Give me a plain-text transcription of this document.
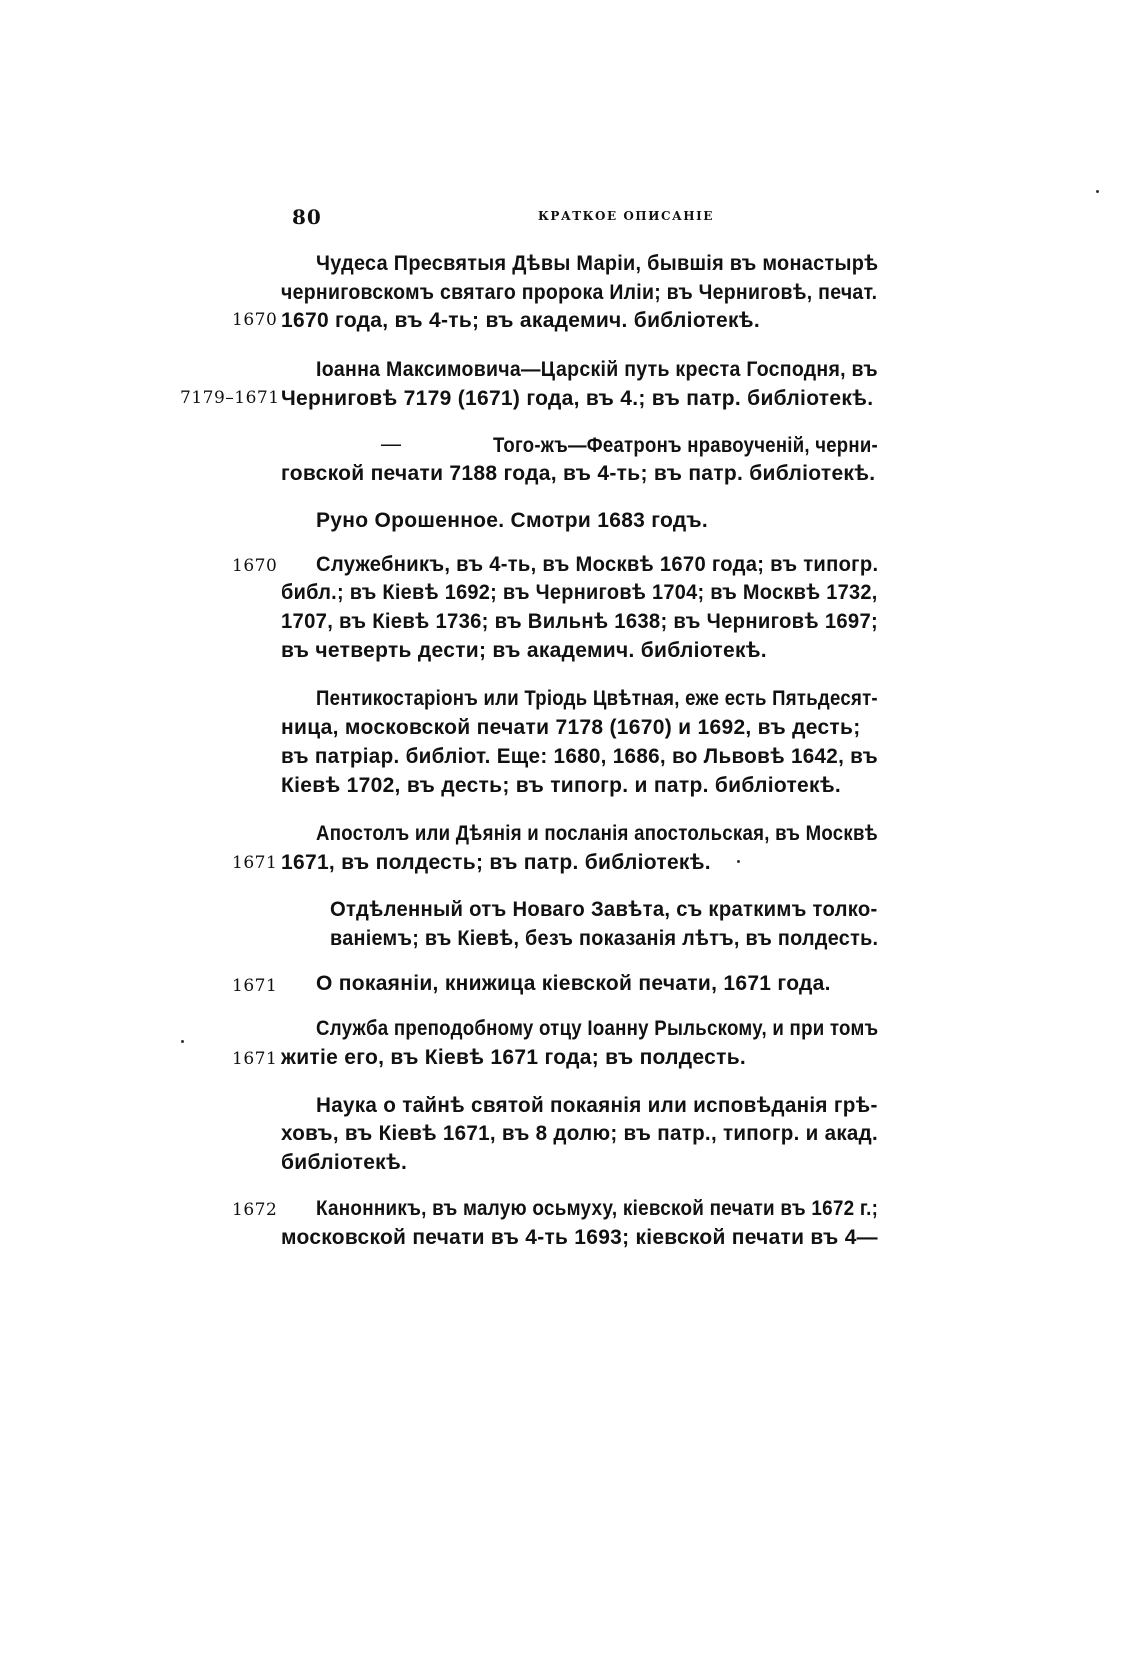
80	КРАТКОЕ ОПИСАНІЕ
1670
Чудеса Пресвятыя Дѣвы Маріи, бывшія въ монастырѣ
черниговскомъ святаго пророка Иліи; въ Черниговѣ, печат.
1670 года, въ 4-ть; въ академич. библіотекѣ.
7179–1671
Іоанна Максимовича—Царскій путь креста Господня, въ
Черниговѣ 7179 (1671) года, въ 4.; въ патр. библіотекѣ.
—	Того-жъ—Феатронъ нравоученій, черни-
говской печати 7188 года, въ 4-ть; въ патр. библіотекѣ.
Руно Орошенное. Смотри 1683 годъ.
1670 Служебникъ, въ 4-ть, въ Москвѣ 1670 года; въ типогр.
библ.; въ Кіевѣ 1692; въ Черниговѣ 1704; въ Москвѣ 1732,
1707, въ Кіевѣ 1736; въ Вильнѣ 1638; въ Черниговѣ 1697;
въ четверть дести; въ академич. библіотекѣ.
Пентикостаріонъ или Тріодь Цвѣтная, еже есть Пятьдесят-
ница, московской печати 7178 (1670) и 1692, въ десть;
въ патріар. библіот. Еще: 1680, 1686, во Львовѣ 1642, въ
Кіевѣ 1702, въ десть; въ типогр. и патр. библіотекѣ.
1671
Апостолъ или Дѣянія и посланія апостольская, въ Москвѣ
1671, въ полдесть; въ патр. библіотекѣ.
Отдѣленный отъ Новаго Завѣта, съ краткимъ толко-
ваніемъ; въ Кіевѣ, безъ показанія лѣтъ, въ полдесть.
1671 О покаяніи, книжица кіевской печати, 1671 года.
1671
Служба преподобному отцу Іоанну Рыльскому, и при томъ
житіе его, въ Кіевѣ 1671 года; въ полдесть.
Наука о тайнѣ святой покаянія или исповѣданія грѣ-
ховъ, въ Кіевѣ 1671, въ 8 долю; въ патр., типогр. и акад.
библіотекѣ.
1672 Канонникъ, въ малую осьмуху, кіевской печати въ 1672 г.;
московской печати въ 4-ть 1693; кіевской печати въ 4—
